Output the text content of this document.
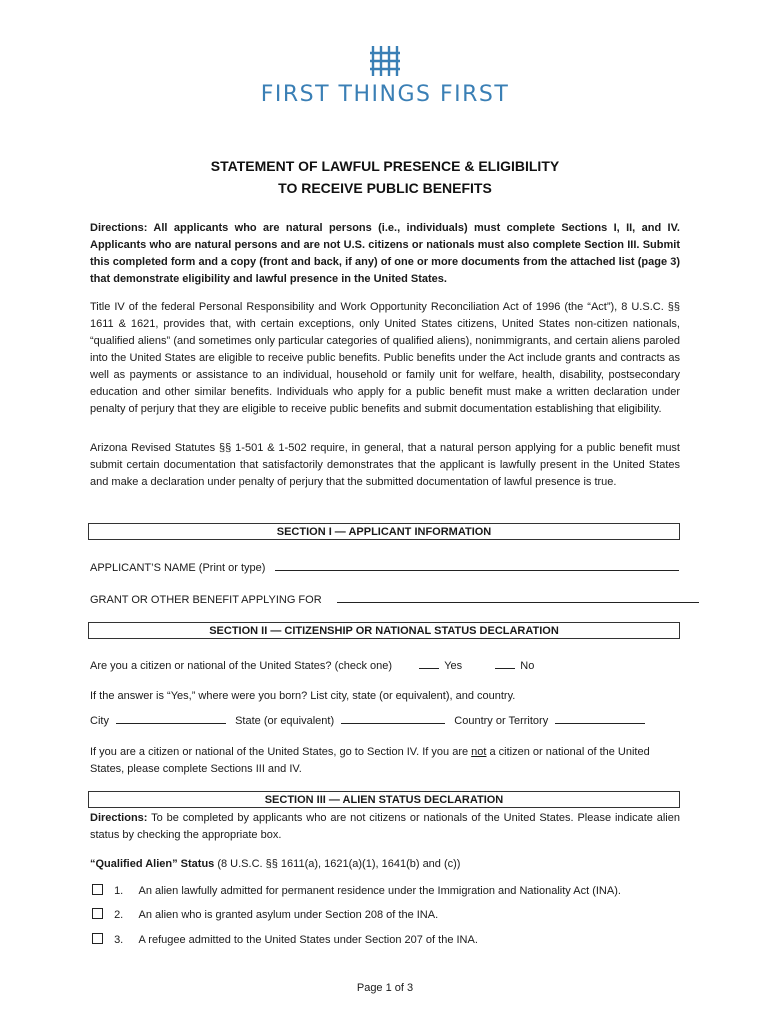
FIRST THINGS FIRST
STATEMENT OF LAWFUL PRESENCE & ELIGIBILITY
TO RECEIVE PUBLIC BENEFITS

Directions: All applicants who are natural persons (i.e., individuals) must complete Sections I, II, and IV. Applicants who are natural persons and are not U.S. citizens or nationals must also complete Section III. Submit this completed form and a copy (front and back, if any) of one or more documents from the attached list (page 3) that demonstrate eligibility and lawful presence in the United States.

Title IV of the federal Personal Responsibility and Work Opportunity Reconciliation Act of 1996 (the “Act”), 8 U.S.C. §§ 1611 & 1621, provides that, with certain exceptions, only United States citizens, United States non-citizen nationals, “qualified aliens” (and sometimes only particular categories of qualified aliens), nonimmigrants, and certain aliens paroled into the United States are eligible to receive public benefits. Public benefits under the Act include grants and contracts as well as payments or assistance to an individual, household or family unit for welfare, health, disability, postsecondary education and other similar benefits. Individuals who apply for a public benefit must make a written declaration under penalty of perjury that they are eligible to receive public benefits and submit documentation establishing that eligibility.

Arizona Revised Statutes §§ 1-501 & 1-502 require, in general, that a natural person applying for a public benefit must submit certain documentation that satisfactorily demonstrates that the applicant is lawfully present in the United States and make a declaration under penalty of perjury that the submitted documentation of lawful presence is true.

SECTION I — APPLICANT INFORMATION
APPLICANT’S NAME (Print or type)
GRANT OR OTHER BENEFIT APPLYING FOR
SECTION II — CITIZENSHIP OR NATIONAL STATUS DECLARATION
Are you a citizen or national of the United States? (check one)	Yes	No
If the answer is “Yes,” where were you born? List city, state (or equivalent), and country.
City	State (or equivalent)	Country or Territory

If you are a citizen or national of the United States, go to Section IV. If you are not a citizen or national of the United States, please complete Sections III and IV.

SECTION III — ALIEN STATUS DECLARATION

Directions: To be completed by applicants who are not citizens or nationals of the United States. Please indicate alien status by checking the appropriate box.

“Qualified Alien” Status (8 U.S.C. §§ 1611(a), 1621(a)(1), 1641(b) and (c))
1. An alien lawfully admitted for permanent residence under the Immigration and Nationality Act (INA).
2. An alien who is granted asylum under Section 208 of the INA.
3. A refugee admitted to the United States under Section 207 of the INA.
Page 1 of 3
